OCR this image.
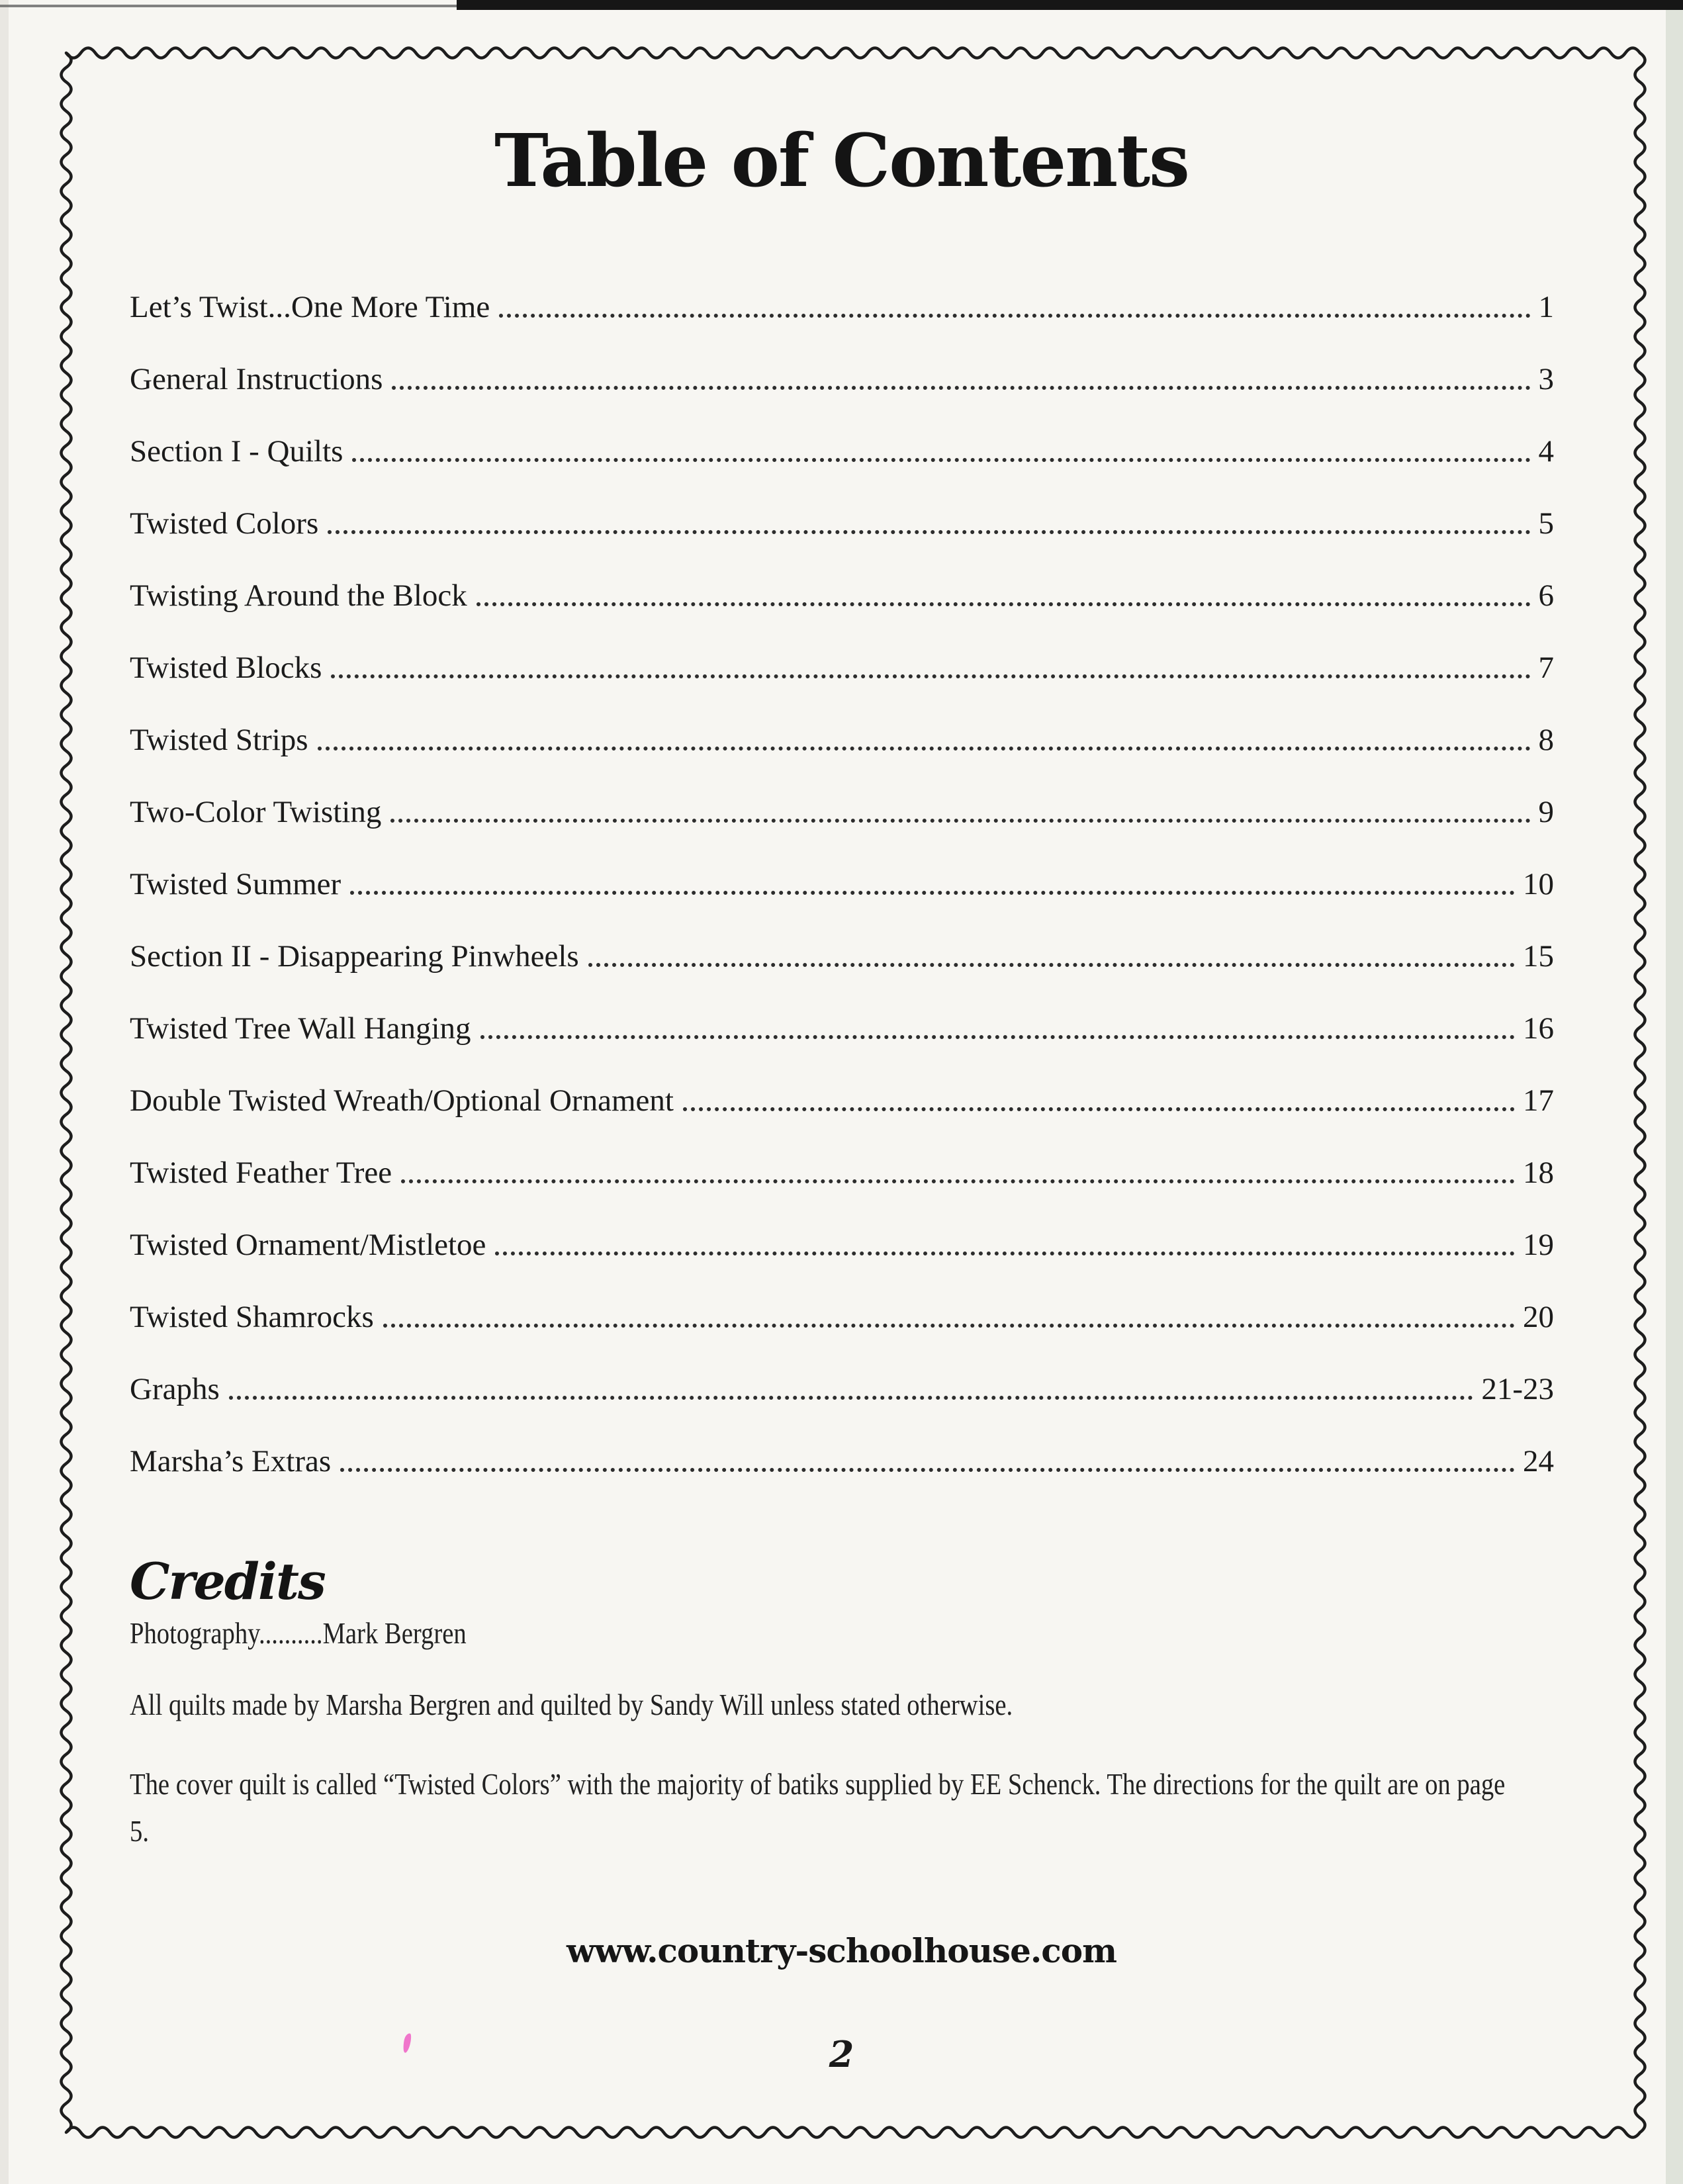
Table of Contents
Let’s Twist...One More Time	1
General Instructions	3
Section I - Quilts	4
Twisted Colors	5
Twisting Around the Block	6
Twisted Blocks	7
Twisted Strips	8
Two-Color Twisting	9
Twisted Summer	10
Section II - Disappearing Pinwheels	15
Twisted Tree Wall Hanging	16
Double Twisted Wreath/Optional Ornament	17
Twisted Feather Tree	18
Twisted Ornament/Mistletoe	19
Twisted Shamrocks	20
Graphs	21-23
Marsha’s Extras	24
Credits

Photography..........Mark Bergren

All quilts made by Marsha Bergren and quilted by Sandy Will unless stated otherwise.

The cover quilt is called “Twisted Colors” with the majority of batiks supplied by EE Schenck. The directions for the quilt are on page 5.

www.country-schoolhouse.com
2
